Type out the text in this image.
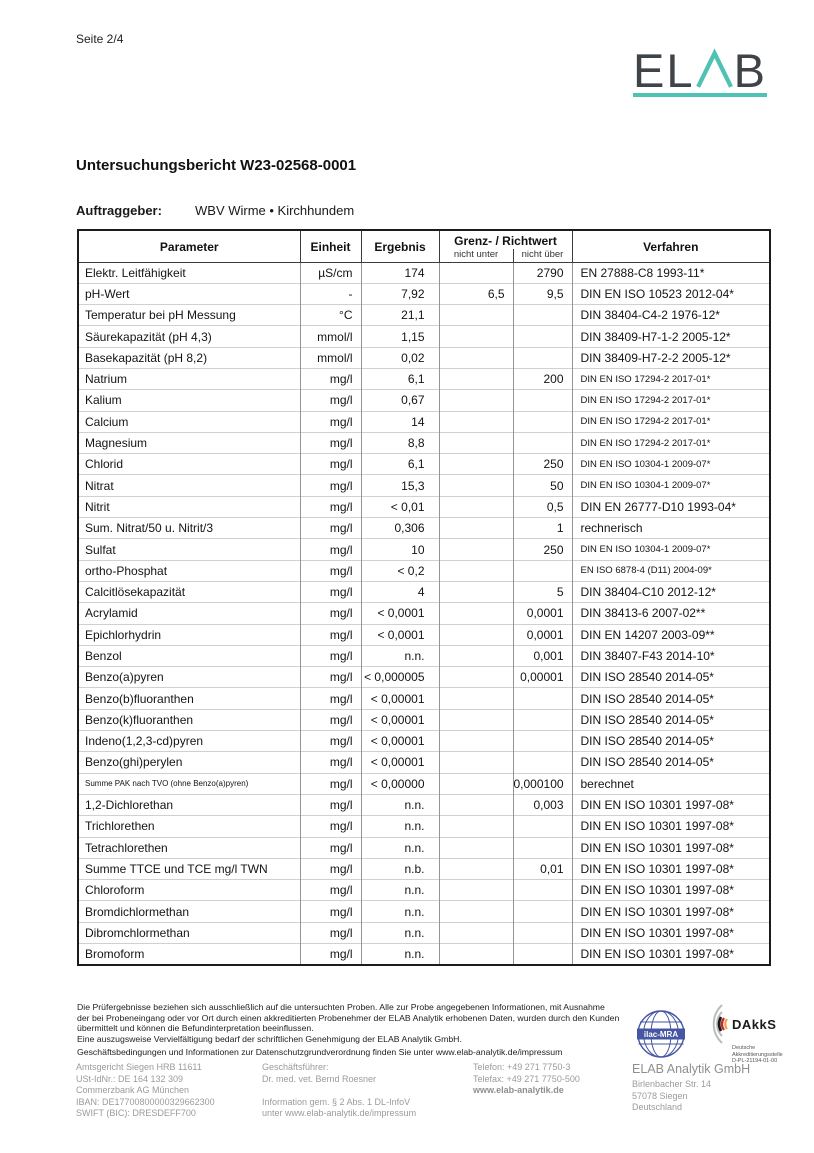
Seite 2/4
EL B
Untersuchungsbericht W23-02568-0001
Auftraggeber:	WBV Wirme • Kirchhundem
Parameter	Einheit	Ergebnis	Grenz- / Richtwert		Verfahren
			nicht unter	nicht über	
Elektr. Leitfähigkeit	µS/cm	174		2790	EN 27888-C8 1993-11*
pH-Wert	-	7,92	6,5	9,5	DIN EN ISO 10523 2012-04*
Temperatur bei pH Messung	°C	21,1			DIN 38404-C4-2 1976-12*
Säurekapazität (pH 4,3)	mmol/l	1,15			DIN 38409-H7-1-2 2005-12*
Basekapazität (pH 8,2)	mmol/l	0,02			DIN 38409-H7-2-2 2005-12*
Natrium	mg/l	6,1		200	DIN EN ISO 17294-2 2017-01*
Kalium	mg/l	0,67			DIN EN ISO 17294-2 2017-01*
Calcium	mg/l	14			DIN EN ISO 17294-2 2017-01*
Magnesium	mg/l	8,8			DIN EN ISO 17294-2 2017-01*
Chlorid	mg/l	6,1		250	DIN EN ISO 10304-1 2009-07*
Nitrat	mg/l	15,3		50	DIN EN ISO 10304-1 2009-07*
Nitrit	mg/l	< 0,01		0,5	DIN EN 26777-D10 1993-04*
Sum. Nitrat/50 u. Nitrit/3	mg/l	0,306		1	rechnerisch
Sulfat	mg/l	10		250	DIN EN ISO 10304-1 2009-07*
ortho-Phosphat	mg/l	< 0,2			EN ISO 6878-4 (D11) 2004-09*
Calcitlösekapazität	mg/l	4		5	DIN 38404-C10 2012-12*
Acrylamid	mg/l	< 0,0001		0,0001	DIN 38413-6 2007-02**
Epichlorhydrin	mg/l	< 0,0001		0,0001	DIN EN 14207 2003-09**
Benzol	mg/l	n.n.		0,001	DIN 38407-F43 2014-10*
Benzo(a)pyren	mg/l	< 0,000005		0,00001	DIN ISO 28540 2014-05*
Benzo(b)fluoranthen	mg/l	< 0,00001			DIN ISO 28540 2014-05*
Benzo(k)fluoranthen	mg/l	< 0,00001			DIN ISO 28540 2014-05*
Indeno(1,2,3-cd)pyren	mg/l	< 0,00001			DIN ISO 28540 2014-05*
Benzo(ghi)perylen	mg/l	< 0,00001			DIN ISO 28540 2014-05*
Summe PAK nach TVO (ohne Benzo(a)pyren)	mg/l	< 0,00000		0,000100	berechnet
1,2-Dichlorethan	mg/l	n.n.		0,003	DIN EN ISO 10301 1997-08*
Trichlorethen	mg/l	n.n.			DIN EN ISO 10301 1997-08*
Tetrachlorethen	mg/l	n.n.			DIN EN ISO 10301 1997-08*
Summe TTCE und TCE mg/l TWN	mg/l	n.b.		0,01	DIN EN ISO 10301 1997-08*
Chloroform	mg/l	n.n.			DIN EN ISO 10301 1997-08*
Bromdichlormethan	mg/l	n.n.			DIN EN ISO 10301 1997-08*
Dibromchlormethan	mg/l	n.n.			DIN EN ISO 10301 1997-08*
Bromoform	mg/l	n.n.			DIN EN ISO 10301 1997-08*
Die Prüfergebnisse beziehen sich ausschließlich auf die untersuchten Proben. Alle zur Probe angegebenen Informationen, mit Ausnahme
der bei Probeneingang oder vor Ort durch einen akkreditierten Probenehmer der ELAB Analytik erhobenen Daten, wurden durch den Kunden
übermittelt und können die Befundinterpretation beeinflussen.
Eine auszugsweise Vervielfältigung bedarf der schriftlichen Genehmigung der ELAB Analytik GmbH.
Geschäftsbedingungen und Informationen zur Datenschutzgrundverordnung finden Sie unter www.elab-analytik.de/impressum
ilac-MRA
DAkkS
Deutsche
Akkreditierungsstelle
D-PL-21194-01-00
Amtsgericht Siegen HRB 11611
USt-IdNr.: DE 164 132 309
Commerzbank AG München
IBAN: DE17700800000329662300
SWIFT (BIC): DRESDEFF700
Geschäftsführer:
Dr. med. vet. Bernd Roesner

Information gem. § 2 Abs. 1 DL-InfoV
unter www.elab-analytik.de/impressum
Telefon: +49 271 7750-3
Telefax: +49 271 7750-500
www.elab-analytik.de
ELAB Analytik GmbH
Birlenbacher Str. 14
57078 Siegen
Deutschland
